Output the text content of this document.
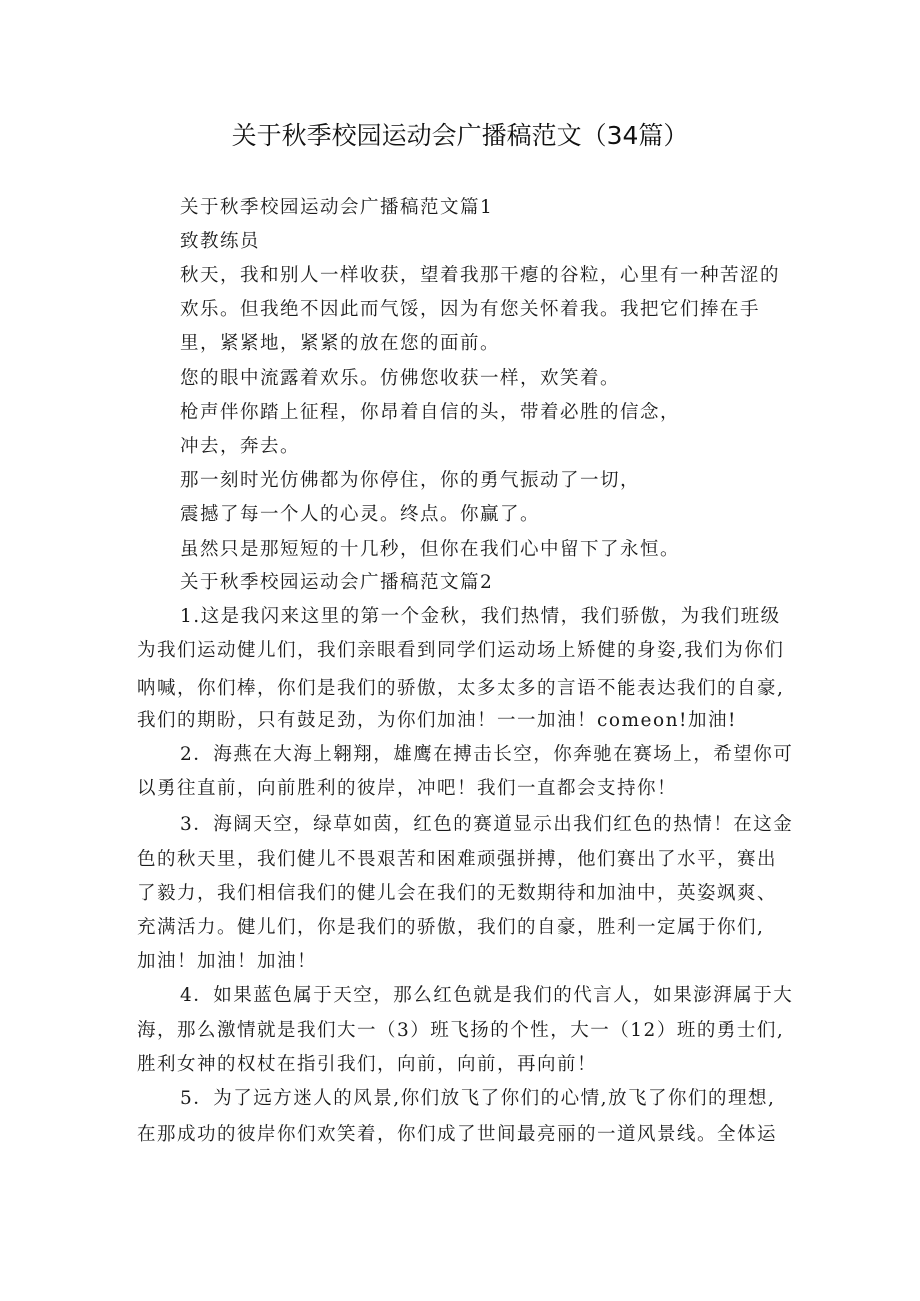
关于秋季校园运动会广播稿范文（34篇）
关于秋季校园运动会广播稿范文篇1
致教练员
秋天，我和别人一样收获，望着我那干瘪的谷粒，心里有一种苦涩的
欢乐。但我绝不因此而气馁，因为有您关怀着我。我把它们捧在手
里，紧紧地，紧紧的放在您的面前。
您的眼中流露着欢乐。仿佛您收获一样，欢笑着。
枪声伴你踏上征程，你昂着自信的头，带着必胜的信念，
冲去，奔去。
那一刻时光仿佛都为你停住，你的勇气振动了一切，
震撼了每一个人的心灵。终点。你赢了。
虽然只是那短短的十几秒，但你在我们心中留下了永恒。
关于秋季校园运动会广播稿范文篇2
1.这是我闪来这里的第一个金秋，我们热情，我们骄傲，为我们班级
为我们运动健儿们，我们亲眼看到同学们运动场上矫健的身姿,我们为你们
呐喊，你们棒，你们是我们的骄傲，太多太多的言语不能表达我们的自豪,
我们的期盼，只有鼓足劲，为你们加油！一一加油！comeon!加油!
2．海燕在大海上翱翔，雄鹰在搏击长空，你奔驰在赛场上，希望你可
以勇往直前，向前胜利的彼岸，冲吧！我们一直都会支持你！
3．海阔天空，绿草如茵，红色的赛道显示出我们红色的热情！在这金
色的秋天里，我们健儿不畏艰苦和困难顽强拼搏，他们赛出了水平，赛出
了毅力，我们相信我们的健儿会在我们的无数期待和加油中，英姿飒爽、
充满活力。健儿们，你是我们的骄傲，我们的自豪，胜利一定属于你们,
加油！加油！加油！
4．如果蓝色属于天空，那么红色就是我们的代言人，如果澎湃属于大
海，那么激情就是我们大一（3）班飞扬的个性，大一（12）班的勇士们,
胜利女神的权杖在指引我们，向前，向前，再向前！
5．为了远方迷人的风景,你们放飞了你们的心情,放飞了你们的理想,
在那成功的彼岸你们欢笑着，你们成了世间最亮丽的一道风景线。全体运
